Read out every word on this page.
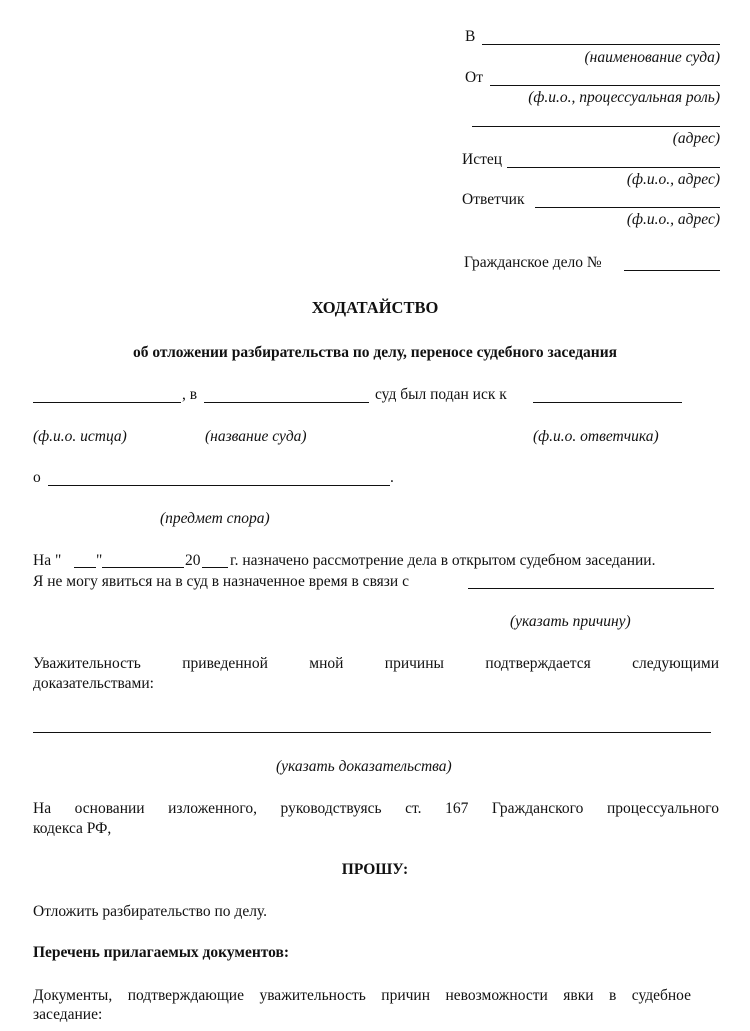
В
(наименование суда)
От
(ф.и.о., процессуальная роль)
(адрес)
Истец
(ф.и.о., адрес)
Ответчик
(ф.и.о., адрес)
Гражданское дело №
ХОДАТАЙСТВО
об отложении разбирательства по делу, переносе судебного заседания
, в	суд был подан иск к
(ф.и.о. истца)	(название суда)	(ф.и.о. ответчика)
о	.
(предмет спора)
На " "	20 г. назначено рассмотрение дела в открытом судебном заседании.
Я не могу явиться на в суд в назначенное время в связи с
(указать причину)
Уважительность приведенной мной причины подтверждается следующими
доказательствами:
(указать доказательства)
На основании изложенного, руководствуясь ст. 167 Гражданского процессуального
кодекса РФ,
ПРОШУ:
Отложить разбирательство по делу.
Перечень прилагаемых документов:
Документы, подтверждающие уважительность причин невозможности явки в судебное
заседание:
